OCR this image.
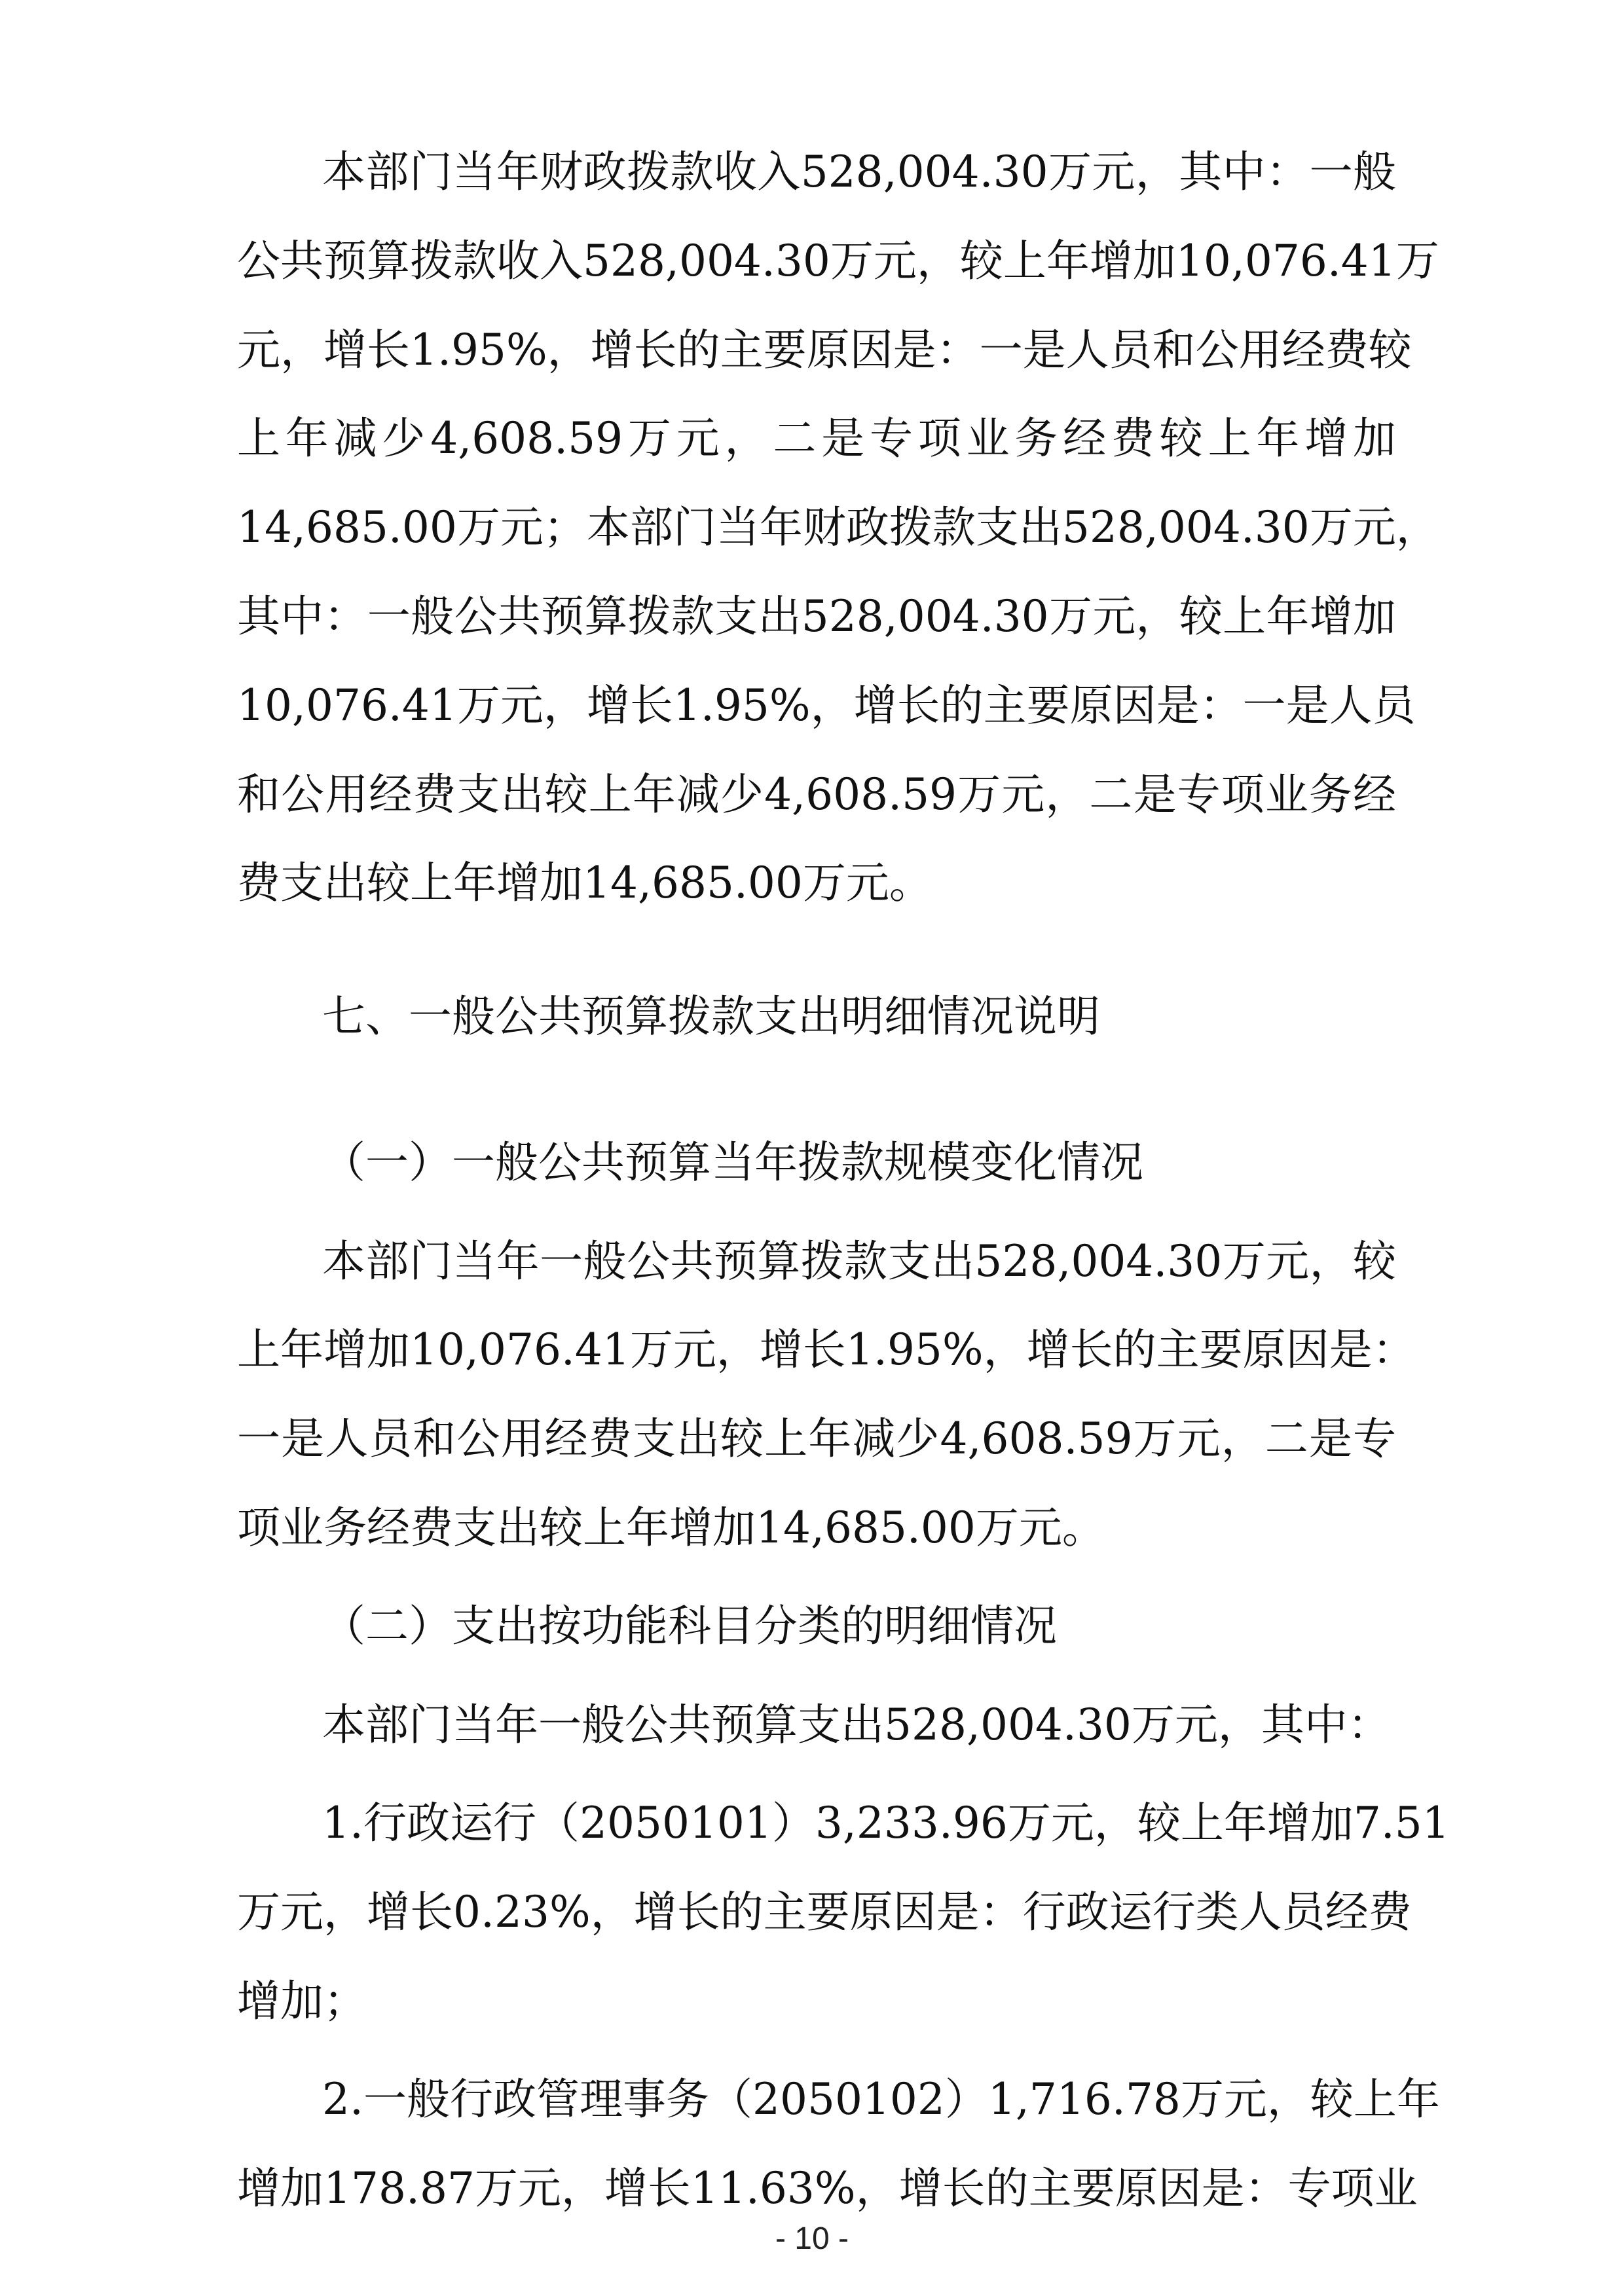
本部门当年财政拨款收入528,004.30万元，其中：一般
公共预算拨款收入528,004.30万元，较上年增加10,076.41万
元，增长1.95%，增长的主要原因是：一是人员和公用经费较
上年减少4,608.59万元，二是专项业务经费较上年增加
14,685.00万元；本部门当年财政拨款支出528,004.30万元，
其中：一般公共预算拨款支出528,004.30万元，较上年增加
10,076.41万元，增长1.95%，增长的主要原因是：一是人员
和公用经费支出较上年减少4,608.59万元，二是专项业务经
费支出较上年增加14,685.00万元。
七、一般公共预算拨款支出明细情况说明
（一）一般公共预算当年拨款规模变化情况
本部门当年一般公共预算拨款支出528,004.30万元，较
上年增加10,076.41万元，增长1.95%，增长的主要原因是：
一是人员和公用经费支出较上年减少4,608.59万元，二是专
项业务经费支出较上年增加14,685.00万元。
（二）支出按功能科目分类的明细情况
本部门当年一般公共预算支出528,004.30万元，其中：
1.行政运行（2050101）3,233.96万元，较上年增加7.51
万元，增长0.23%，增长的主要原因是：行政运行类人员经费
增加；
2.一般行政管理事务（2050102）1,716.78万元，较上年
- 10 -
增加178.87万元，增长11.63%，增长的主要原因是：专项业
